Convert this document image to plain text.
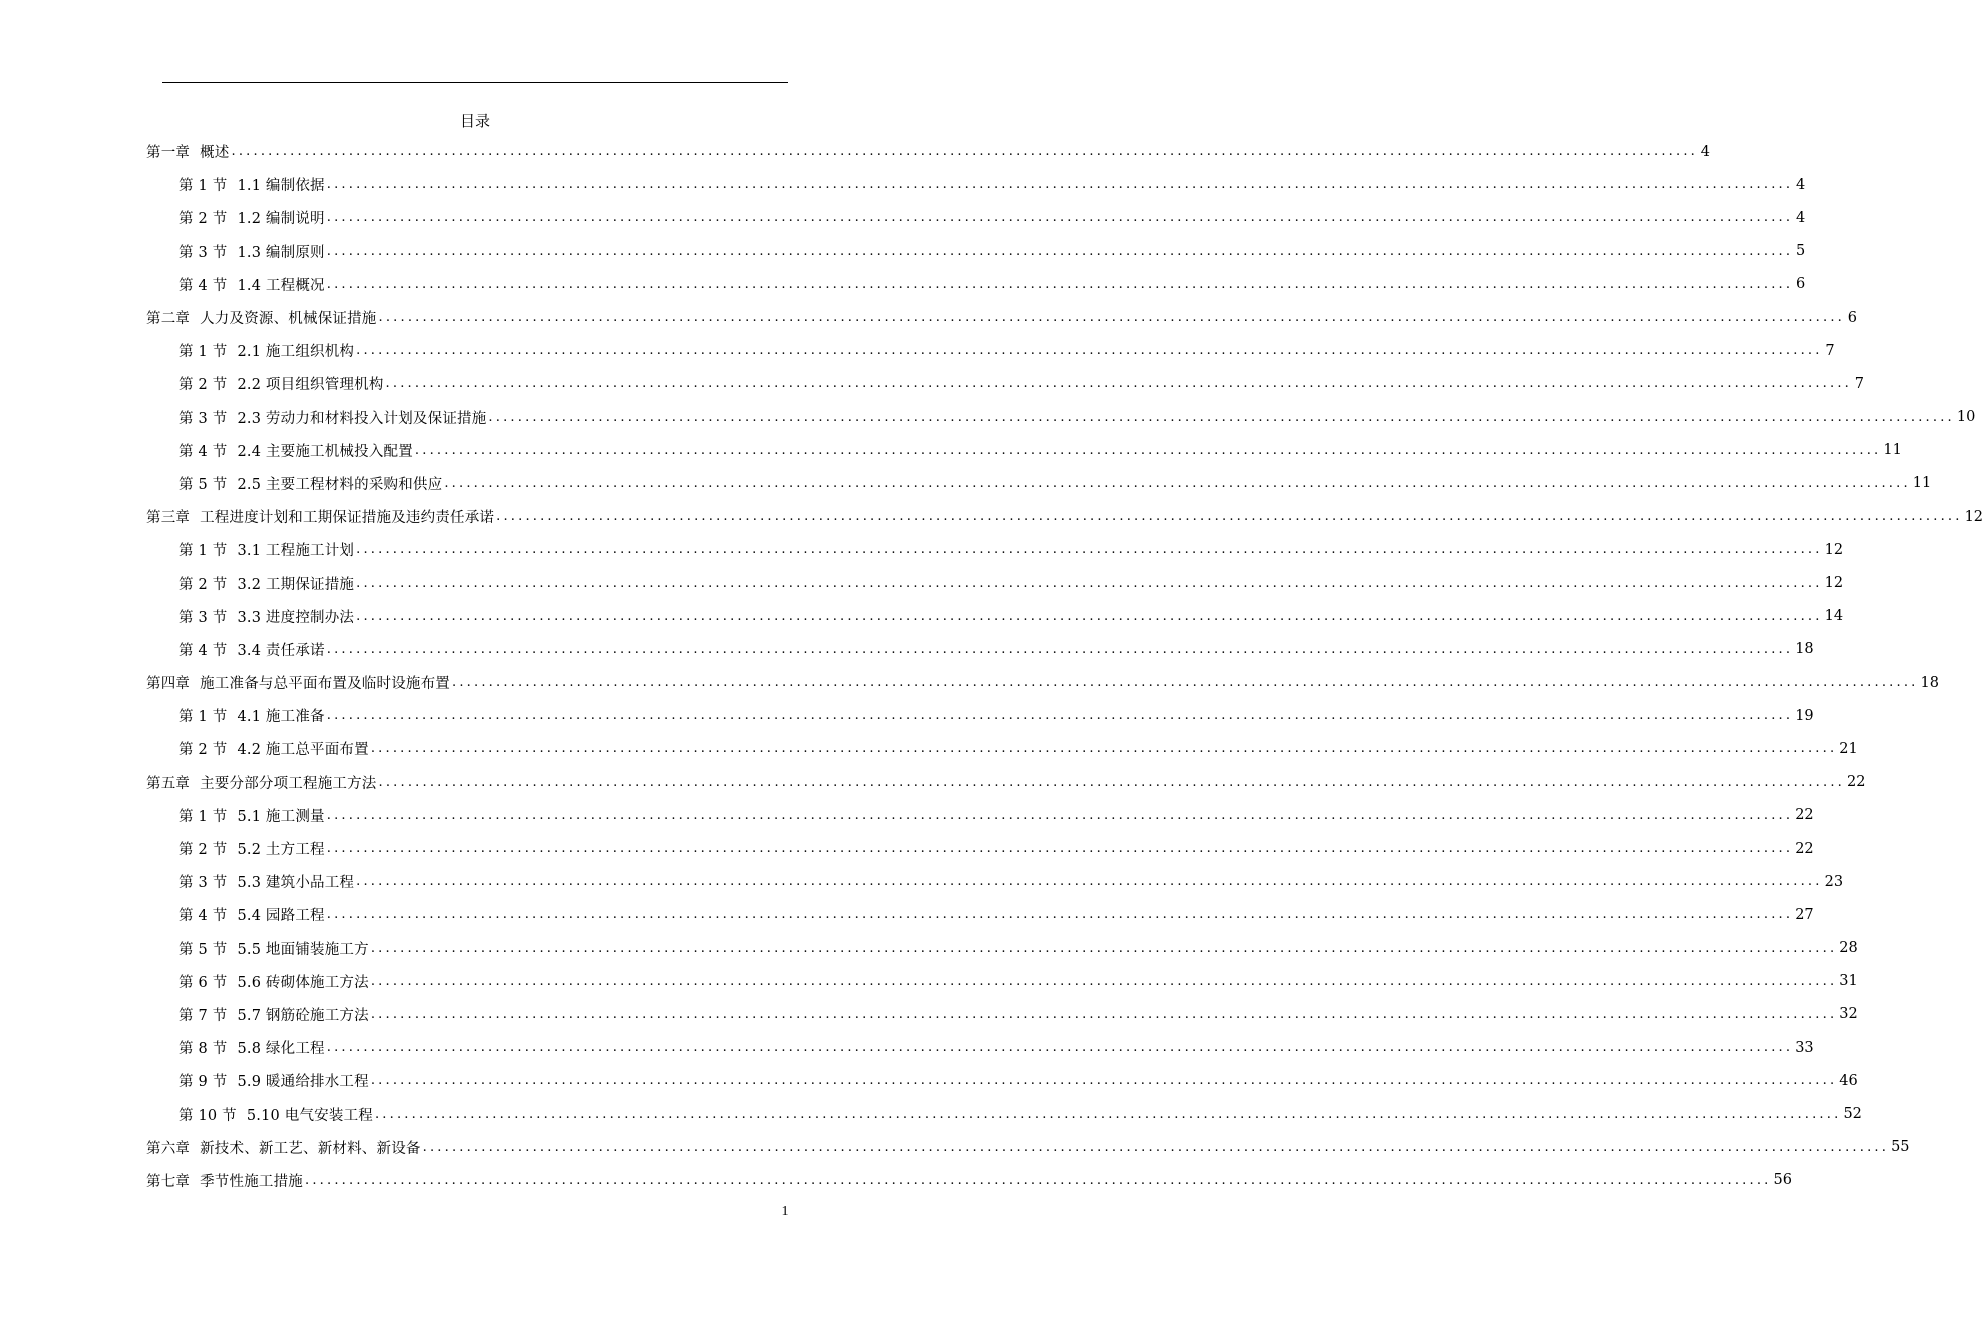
目录
第一章 概述 ........................................................................................................................................................................................................ 4
第 1 节 1.1 编制依据 ........................................................................................................................................................................................................ 4
第 2 节 1.2 编制说明 ........................................................................................................................................................................................................ 4
第 3 节 1.3 编制原则 ........................................................................................................................................................................................................ 5
第 4 节 1.4 工程概况 ........................................................................................................................................................................................................ 6
第二章 人力及资源、机械保证措施 ........................................................................................................................................................................................................ 6
第 1 节 2.1 施工组织机构 ........................................................................................................................................................................................................ 7
第 2 节 2.2 项目组织管理机构 ........................................................................................................................................................................................................ 7
第 3 节 2.3 劳动力和材料投入计划及保证措施 ........................................................................................................................................................................................................ 10
第 4 节 2.4 主要施工机械投入配置 ........................................................................................................................................................................................................ 11
第 5 节 2.5 主要工程材料的采购和供应 ........................................................................................................................................................................................................ 11
第三章 工程进度计划和工期保证措施及违约责任承诺 ........................................................................................................................................................................................................ 12
第 1 节 3.1 工程施工计划 ........................................................................................................................................................................................................ 12
第 2 节 3.2 工期保证措施 ........................................................................................................................................................................................................ 12
第 3 节 3.3 进度控制办法 ........................................................................................................................................................................................................ 14
第 4 节 3.4 责任承诺 ........................................................................................................................................................................................................ 18
第四章 施工准备与总平面布置及临时设施布置 ........................................................................................................................................................................................................ 18
第 1 节 4.1 施工准备 ........................................................................................................................................................................................................ 19
第 2 节 4.2 施工总平面布置 ........................................................................................................................................................................................................ 21
第五章 主要分部分项工程施工方法 ........................................................................................................................................................................................................ 22
第 1 节 5.1 施工测量 ........................................................................................................................................................................................................ 22
第 2 节 5.2 土方工程 ........................................................................................................................................................................................................ 22
第 3 节 5.3 建筑小品工程 ........................................................................................................................................................................................................ 23
第 4 节 5.4 园路工程 ........................................................................................................................................................................................................ 27
第 5 节 5.5 地面铺装施工方 ........................................................................................................................................................................................................ 28
第 6 节 5.6 砖砌体施工方法 ........................................................................................................................................................................................................ 31
第 7 节 5.7 钢筋砼施工方法 ........................................................................................................................................................................................................ 32
第 8 节 5.8 绿化工程 ........................................................................................................................................................................................................ 33
第 9 节 5.9 暖通给排水工程 ........................................................................................................................................................................................................ 46
第 10 节 5.10 电气安装工程 ........................................................................................................................................................................................................ 52
第六章 新技术、新工艺、新材料、新设备 ........................................................................................................................................................................................................ 55
第七章 季节性施工措施 ........................................................................................................................................................................................................ 56
1
